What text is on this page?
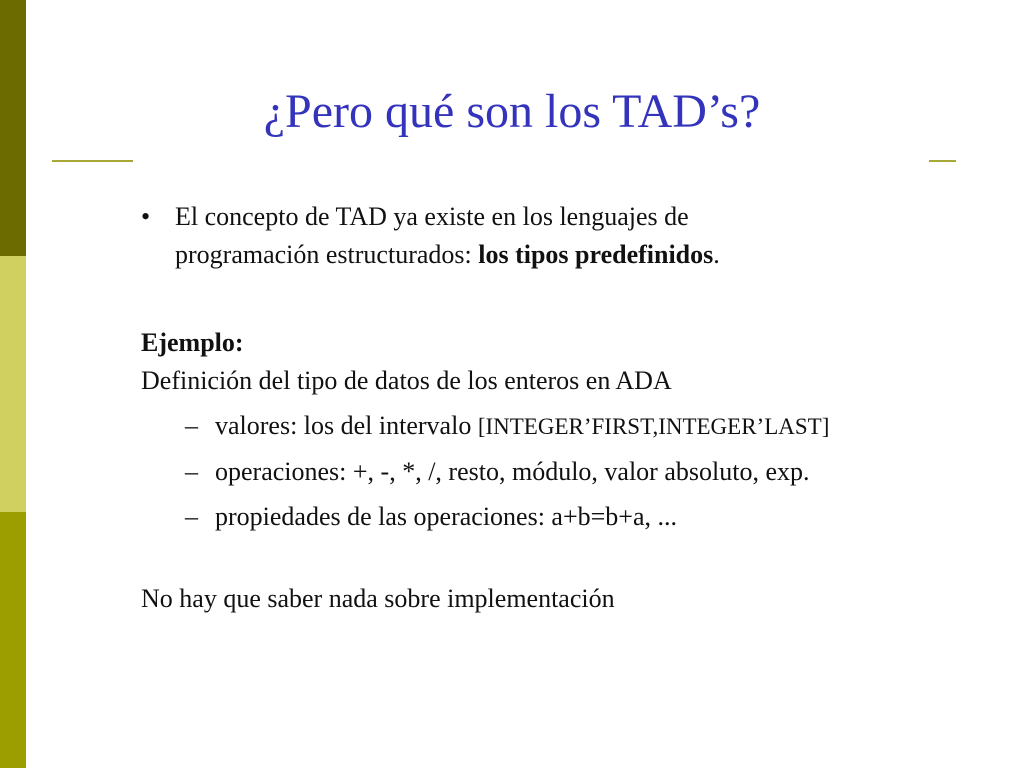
¿Pero qué son los TAD’s?
• El concepto de TAD ya existe en los lenguajes de
programación estructurados: los tipos predefinidos.
Ejemplo:
Definición del tipo de datos de los enteros en ADA
– valores: los del intervalo [INTEGER’FIRST,INTEGER’LAST]
– operaciones: +, -, *, /, resto, módulo, valor absoluto, exp.
– propiedades de las operaciones: a+b=b+a, ...
No hay que saber nada sobre implementación
